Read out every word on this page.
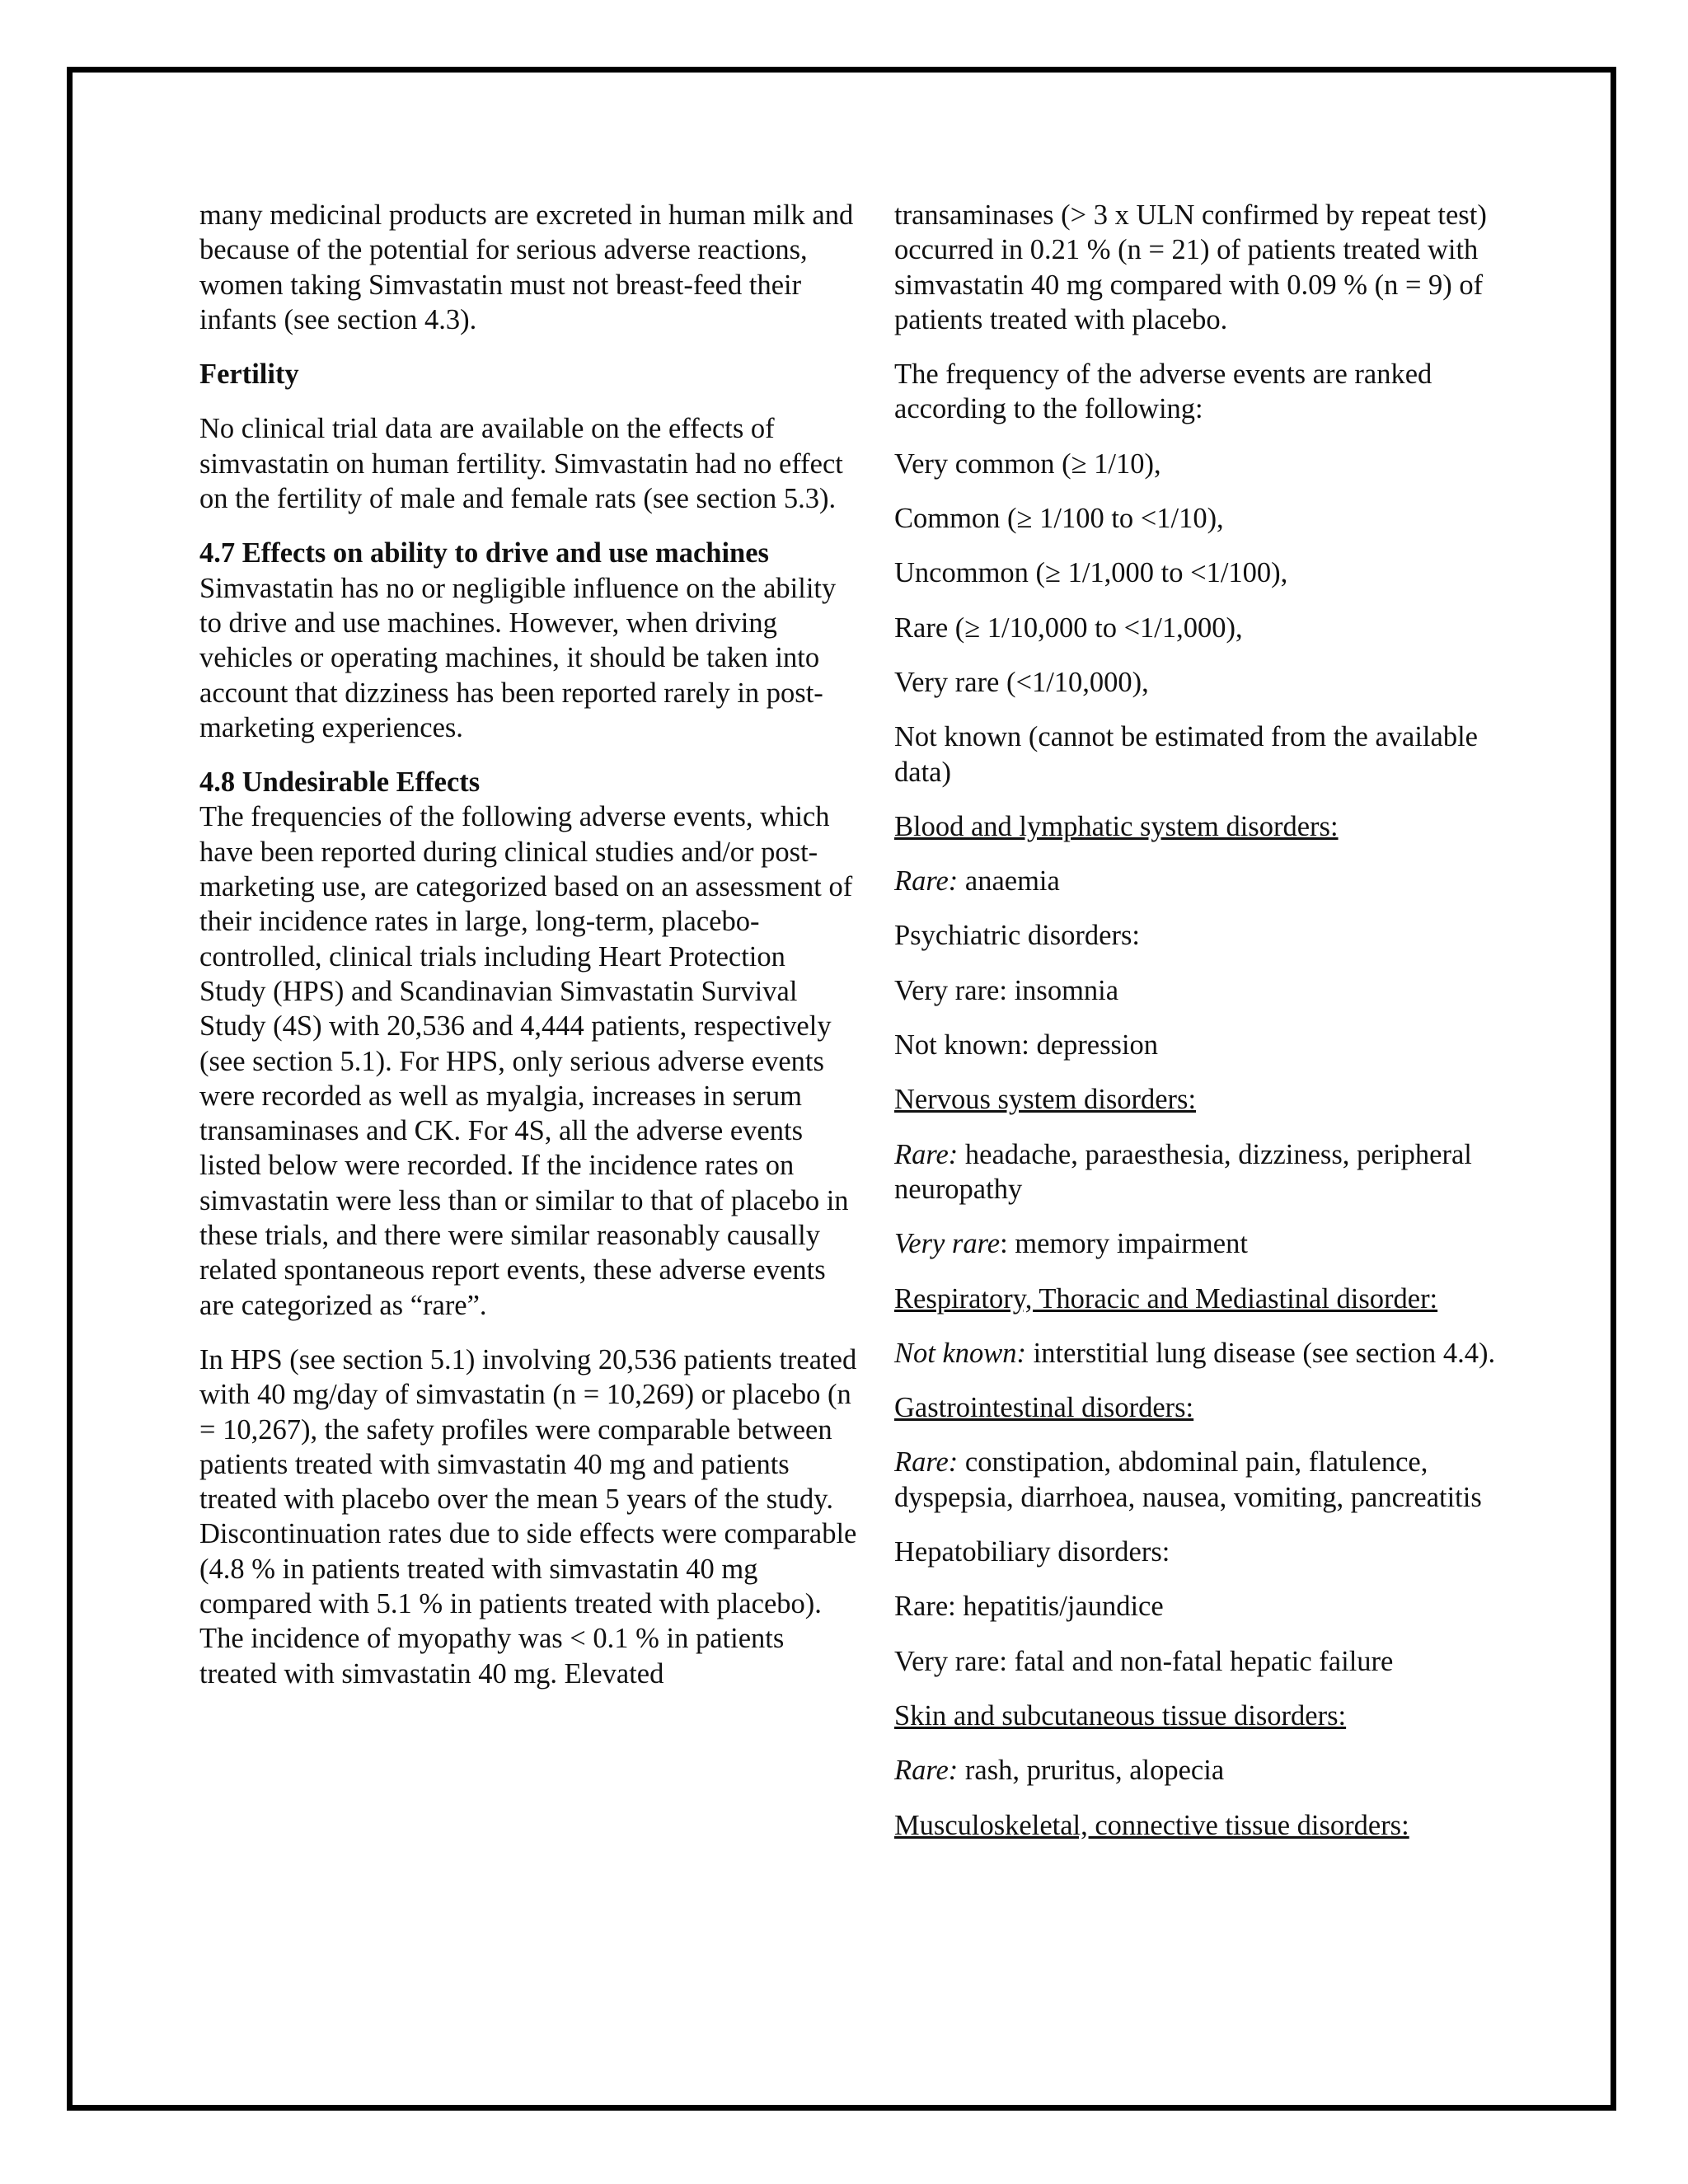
many medicinal products are excreted in human milk and because of the potential for serious adverse reactions, women taking Simvastatin must not breast-feed their infants (see section 4.3).

Fertility

No clinical trial data are available on the effects of simvastatin on human fertility. Simvastatin had no effect on the fertility of male and female rats (see section 5.3).

4.7 Effects on ability to drive and use machines

Simvastatin has no or negligible influence on the ability to drive and use machines. However, when driving vehicles or operating machines, it should be taken into account that dizziness has been reported rarely in post-marketing experiences.

4.8 Undesirable Effects

The frequencies of the following adverse events, which have been reported during clinical studies and/or post-marketing use, are categorized based on an assessment of their incidence rates in large, long-term, placebo-controlled, clinical trials including Heart Protection Study (HPS) and Scandinavian Simvastatin Survival Study (4S) with 20,536 and 4,444 patients, respectively (see section 5.1). For HPS, only serious adverse events were recorded as well as myalgia, increases in serum transaminases and CK. For 4S, all the adverse events listed below were recorded. If the incidence rates on simvastatin were less than or similar to that of placebo in these trials, and there were similar reasonably causally related spontaneous report events, these adverse events are categorized as “rare”.

In HPS (see section 5.1) involving 20,536 patients treated with 40 mg/day of simvastatin (n = 10,269) or placebo (n = 10,267), the safety profiles were comparable between patients treated with simvastatin 40 mg and patients treated with placebo over the mean 5 years of the study. Discontinuation rates due to side effects were comparable (4.8 % in patients treated with simvastatin 40 mg compared with 5.1 % in patients treated with placebo). The incidence of myopathy was < 0.1 % in patients treated with simvastatin 40 mg. Elevated

transaminases (> 3 x ULN confirmed by repeat test) occurred in 0.21 % (n = 21) of patients treated with simvastatin 40 mg compared with 0.09 % (n = 9) of patients treated with placebo.

The frequency of the adverse events are ranked according to the following:

Very common (≥ 1/10),

Common (≥ 1/100 to <1/10),

Uncommon (≥ 1/1,000 to <1/100),

Rare (≥ 1/10,000 to <1/1,000),

Very rare (<1/10,000),

Not known (cannot be estimated from the available data)

Blood and lymphatic system disorders:

Rare: anaemia

Psychiatric disorders:

Very rare: insomnia

Not known: depression

Nervous system disorders:

Rare: headache, paraesthesia, dizziness, peripheral neuropathy

Very rare: memory impairment

Respiratory, Thoracic and Mediastinal disorder:

Not known: interstitial lung disease (see section 4.4).

Gastrointestinal disorders:

Rare: constipation, abdominal pain, flatulence, dyspepsia, diarrhoea, nausea, vomiting, pancreatitis

Hepatobiliary disorders:

Rare: hepatitis/jaundice

Very rare: fatal and non-fatal hepatic failure

Skin and subcutaneous tissue disorders:

Rare: rash, pruritus, alopecia

Musculoskeletal, connective tissue disorders:
